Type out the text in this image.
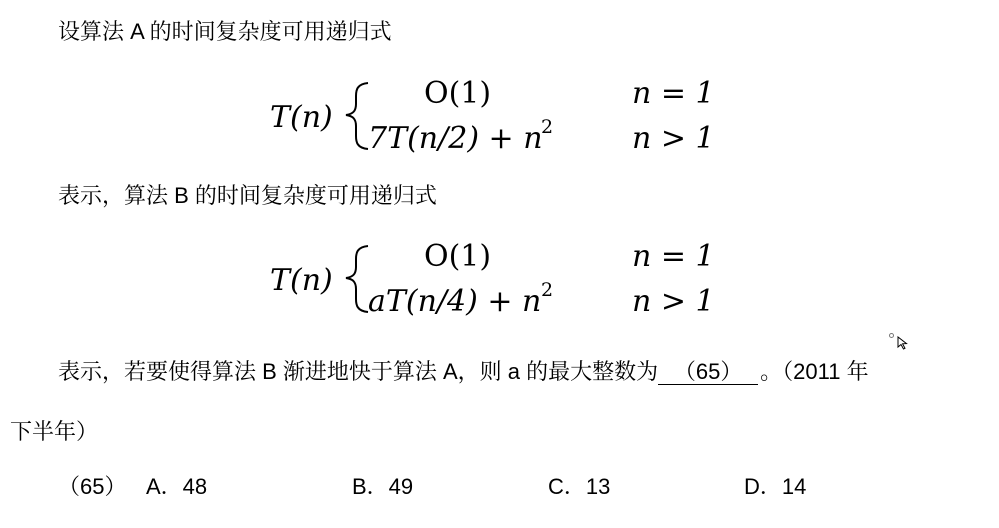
设算法 A 的时间复杂度可用递归式
T(n)
O(1)
7T(n/2) + n
2
n = 1
n > 1
表示，算法 B 的时间复杂度可用递归式
T(n)
O(1)
aT(n/4) + n 2
n = 1
n > 1
表示，若要使得算法 B 渐进地快于算法 A，则 a 的最大整数为 （65） 。（2011 年
下半年）
（65） A．48	B．49	C．13	D．14
